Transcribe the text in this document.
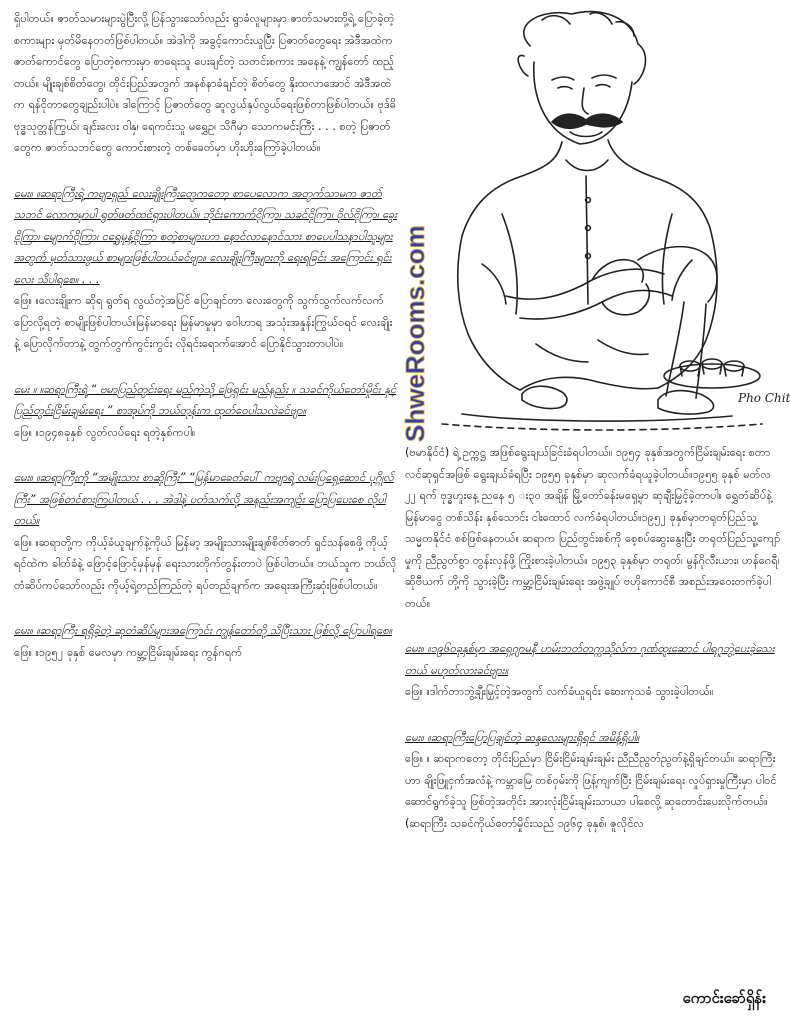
ရှိပါတယ်။ ဇာတ်သမားများပွဲပြီးလို့ ပြန်သွားသော်လည်း ရွာခံလူများမှာ ဇာတ်သမားတို့ရဲ့ ပြောခဲ့တဲ့ စကားများ မှတ်မိနေတတ်ဖြစ်ပါတယ်။ အဲဒါကို အခွင့်ကောင်းယူပြီး ပြဇာတ်တွေရေး အဲဒီအထဲက ဇာတ်ကောင်တွေ ပြောတဲ့စကားမှာ စာရေးသူ ပေးချင်တဲ့ သတင်းစကား အနေနဲ့ ကျွန်တော် ထည့်တယ်။ မျိုးချစ်စိတ်တွေ၊ တိုင်းပြည်အတွက် အနစ်နာခံချင်တဲ့ စိတ်တွေ နိုးထလာအောင် အဲဒီအထဲက ရန်ငိုတာတွေချည်းပါပဲ။ ဒါကြောင့် ပြဇာတ်တွေ ဆူလွယ်နှပ်လွယ်ရေးဖြစ်တာဖြစ်ပါတယ်။ ဗုဒ်ဓိဗုဒ္ဓသုတ္တန်ကြွယ်၊ ချင်းလေး ဝါနှ၊ ရေကင်းသူ မရွှေဥ၊ သိဂီမှာ သောကမင်းကြီး . . . စတဲ့ ပြဇာတ်တွေက ဇာတ်သဘင်တွေ ကောင်းစားတဲ့ တစ်ခေတ်မှာ ဟိုးဟိုးကြော်ခဲ့ပါတယ်။

မေး။ ။ဆရာကြီးရဲ့ ကဗျာရှည် လေးချိုးကြီးတွေကတော့ စာပေလောက အတွက်သာမက ဇာတ်သဘင် လောကမှာပါ ရွတ်ဖတ်ထင်ရှားပါတယ်။ ဘိုင်းကောက်ငိုကြာ၊ သခင်ငိုကြာ၊ ဝိုလ်ငိုကြာ၊ ခွေးငိုကြာ၊ မျောက်ငိုကြာ၊ ငရွှေမုန့်ငိုကြာ စတဲ့စာများဟာ နောင်လာနောင်သား စာပေပါသနာပါသူများ အတွက် မှတ်သားဖွယ် စာများဖြစ်ပါတယ်ခင်ဗျာ။ လေးချိုးကြီးများကို ရေးရခြင်း အကြောင်း ရှင်းလေး သိပါရစေ။ . . .

ဖြေ။ ။လေးချိုးက ဆိုရ ရွတ်ရ လွယ်တဲ့အပြင် ပြောချင်တာ လေးတွေကို သွက်သွက်လက်လက် ပြောလို့ရတဲ့ စာမျိုးဖြစ်ပါတယ်။မြန်မာရေး မြန်မာမှုမှာ ဝေါဟာရ အသုံးအနှုန်းကြွယ်ဝရင် လေးချိုးနဲ့ ပြောလိုက်တာနဲ့ တွက်တွက်ကွင်းကွင်း လိုရင်းရောက်အောင် ပြောနိုင်သွားတာပါပဲ။

မေး ။ ။ဆရာကြီးရဲ့ “ ဗမာပြည်တွင်းရေး မည်ကဲ့သို့ ဖြေရှင်း မည်နည်း ။ သခင်ကိုယ်တော်မှိုင်း နှင့် ပြည်တွင်းငြိမ်းချမ်းရေး ” စာအုပ်ကို ဘယ်တုန်းက ထုတ်ဝေပါသလဲခင်ဗျာ။

ဖြေ။ ။၁၉၄၈ခုနှစ် လွတ်လပ်ရေး ရတဲ့နှစ်ကပါ။

မေး။ ။ဆရာကြီးကို “အမျိုးသား စာဆိုကြီး” “မြန်မာခေတ်ပေါ် ကဗျာရဲ့ လမ်းပြရှေ့ဆောင် ပုဂ္ဂိုလ်ကြီး” အဖြစ်တင်စားကြပါတယ် . . . အဲဒါနဲ့ ပတ်သက်လို့ အနည်းအကျဉ်း ပြောပြပေးစေ လိုပါတယ်။

ဖြေ။ ။ဆရာတို့က ကိုယ့်ခံယူချက်နဲ့ကိုယ် မြန်မာ့ အမျိုးသားမျိုးချစ်စိတ်ဓာတ် ရှင်သန်စေဖို့ ကိုယ့်ရင်ထဲက ခါတ်ခံနဲ့ ဖြောင့်ဖြောင့်မှန်မှန် ရေးသားတိုက်တွန်းတာပဲ ဖြစ်ပါတယ်။ ဘယ်သူက ဘယ်လို တံဆိပ်ကပ်သော်လည်း ကိုယ့်ရဲ့တည်ကြည်တဲ့ ရပ်တည်ချက်က အရေးအကြီးဆုံးဖြစ်ပါတယ်။

မေး။ ။ဆရာကြီး ရရှိခဲ့တဲ့ ဆုတံဆိပ်များအကြောင်း ကျွန်တော်တို့ သိပြီးသား ဖြစ်လို့ ပြောပါရစေ။

ဖြေ။ ။၁၉၅၂ ခုနှစ် မေလမှာ ကမ္ဘာ့ငြိမ်းချမ်းရေး ကွန်ဂရက်

Pho Chit
ShweRooms.com

(ဗမာနိုင်ငံ) ရဲ့ ဥက္ကဋ္ဌ အဖြစ်ရွေးချယ်ခြင်းခံရပါတယ်။ ၁၉၅၄ ခုနှစ်အတွက်ငြိမ်းချမ်းရေး စတာလင်ဆုရှင်အဖြစ် ရွေးချယ်ခံရပြီး ၁၉၅၅ ခုနှစ်မှာ ဆုလက်ခံရယူခဲ့ပါတယ်။၁၉၅၅ ခုနှစ် မတ်လ ၂၂ ရက် ဗုဒ္ဓဟူးနေ့ ညနေ ၅ း၃၀ အချိန် မြို့တော်ခန်းမရှေ့မှာ ဆုချီးမြှင့်ခဲ့တာပါ။ ရွှေတံဆိပ်နဲ့မြန်မာငွေ တစ်သိန်း နှစ်သောင်း ငါးထောင် လက်ခံရပါတယ်။၁၉၅၂ ခုနှစ်မှာတရုတ်ပြည်သူ့သမ္မတနိုင်ငံ စစ်ဖြစ်နေတယ်။ ဆရာက ပြည်တွင်းစစ်ကို စေ့စပ်ဆွေးနွေးပြီး တရုတ်ပြည်သူ့ကျော်မှုကို ညီညွတ်စွာ တွန်းလှန်ဖို့ ကြိုးစားခဲ့ပါတယ်။ ၁၉၅၃ ခုနှစ်မှာ တရုတ်၊ မွန်ဂိုလီးယား၊ ဟန်ဂေရီ၊ ဆိုဗီယက် တို့ကို သွားခဲ့ပြီး ကမ္ဘာ့ငြိမ်းချမ်းရေး အဖွဲ့ချုပ် ဗဟိုကောင်စီ အစည်းအဝေးတက်ခဲ့ပါတယ်။

မေး။ ။၁၉၆၀ခုနှစ်မှာ အရှေ့ဂျာမနီ ဟမ်းဘတ်တက္ကသိုလ်က ဂုဏ်ထူးဆောင် ပါရဂူဘွဲ့ပေးခဲ့သေးတယ် မဟုတ်လားခင်ဗျား။

ဖြေ။ ။ဒါက်တာဘွဲ့ချီးမြှင့်တဲ့အတွက် လက်ခံယူရင်း ဆေးကုသခံ သွားခဲ့ပါတယ်။

မေး။ ။ဆရာကြီးပြောပြချင်တဲ့ ဆန္ဒလေးများရှိရင် အမိန့်ရှိပါ။

ဖြေ။ ။ ဆရာကတော့ တိုင်းပြည်မှာ ငြိမ်းငြိမ်းချမ်းချမ်း ညီညီညွတ်ညွတ်နဲ့ရှိချင်တယ်။ ဆရာကြီးဟာ ချိုးဖြူငှက်အလံနဲ့ ကမ္ဘာမြေ တစ်ဝှမ်းကို ဖြန့်ကျက်ပြီး ငြိမ်းချမ်းရေး လှုပ်ရှားမှုကြီးမှာ ပါဝင်ဆောင်ရွက်ခဲ့သူ ဖြစ်တဲ့အတိုင်း အားလုံးငြိမ်းချမ်းသာယာ ပါစေလို့ ဆုတောင်းပေးလိုက်တယ်။

(ဆရာကြီး သခင်ကိုယ်တော်မှိုင်းသည် ၁၉၆၄ ခုနှစ်၊ ဇူလိုင်လ

ကောင်းခော်ရှိန်း
